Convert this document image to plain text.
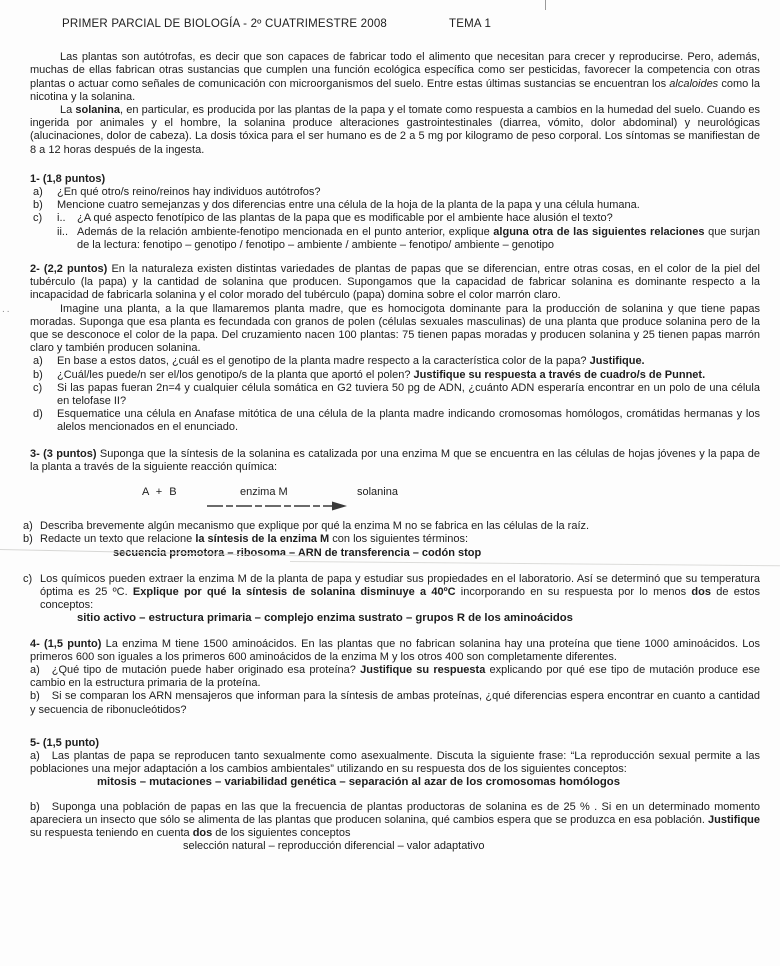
..
PRIMER PARCIAL DE BIOLOGÍA - 2º CUATRIMESTRE 2008	TEMA 1

Las plantas son autótrofas, es decir que son capaces de fabricar todo el alimento que necesitan para crecer y reproducirse. Pero, además, muchas de ellas fabrican otras sustancias que cumplen una función ecológica específica como ser pesticidas, favorecer la competencia con otras plantas o actuar como señales de comunicación con microorganismos del suelo. Entre estas últimas sustancias se encuentran los alcaloides como la nicotina y la solanina.

La solanina, en particular, es producida por las plantas de la papa y el tomate como respuesta a cambios en la humedad del suelo. Cuando es ingerida por animales y el hombre, la solanina produce alteraciones gastrointestinales (diarrea, vómito, dolor abdominal) y neurológicas (alucinaciones, dolor de cabeza). La dosis tóxica para el ser humano es de 2 a 5 mg por kilogramo de peso corporal. Los síntomas se manifiestan de 8 a 12 horas después de la ingesta.

1- (1,8 puntos)
a) ¿En qué otro/s reino/reinos hay individuos autótrofos?
b) Mencione cuatro semejanzas y dos diferencias entre una célula de la hoja de la planta de la papa y una célula humana.
c) i.. ¿A qué aspecto fenotípico de las plantas de la papa que es modificable por el ambiente hace alusión el texto?
ii.. Además de la relación ambiente-fenotipo mencionada en el punto anterior, explique alguna otra de las siguientes relaciones que surjan de la lectura: fenotipo – genotipo / fenotipo – ambiente / ambiente – fenotipo/ ambiente – genotipo

2- (2,2 puntos) En la naturaleza existen distintas variedades de plantas de papas que se diferencian, entre otras cosas, en el color de la piel del tubérculo (la papa) y la cantidad de solanina que producen. Supongamos que la capacidad de fabricar solanina es dominante respecto a la incapacidad de fabricarla solanina y el color morado del tubérculo (papa) domina sobre el color marrón claro.

Imagine una planta, a la que llamaremos planta madre, que es homocigota dominante para la producción de solanina y que tiene papas moradas. Suponga que esa planta es fecundada con granos de polen (células sexuales masculinas) de una planta que produce solanina pero de la que se desconoce el color de la papa. Del cruzamiento nacen 100 plantas: 75 tienen papas moradas y producen solanina y 25 tienen papas marrón claro y también producen solanina.

a) En base a estos datos, ¿cuál es el genotipo de la planta madre respecto a la característica color de la papa? Justifique.
b) ¿Cuál/les puede/n ser el/los genotipo/s de la planta que aportó el polen? Justifique su respuesta a través de cuadro/s de Punnet.
c) Si las papas fueran 2n=4 y cualquier célula somática en G2 tuviera 50 pg de ADN, ¿cuánto ADN esperaría encontrar en un polo de una célula en telofase II?
d) Esquematice una célula en Anafase mitótica de una célula de la planta madre indicando cromosomas homólogos, cromátidas hermanas y los alelos mencionados en el enunciado.

3- (3 puntos) Suponga que la síntesis de la solanina es catalizada por una enzima M que se encuentra en las células de hojas jóvenes y la papa de la planta a través de la siguiente reacción química:

A + B	enzima M	solanina
a) Describa brevemente algún mecanismo que explique por qué la enzima M no se fabrica en las células de la raíz.
b) Redacte un texto que relacione la síntesis de la enzima M con los siguientes términos:
secuencia promotora – ribosoma – ARN de transferencia – codón stop
c) Los químicos pueden extraer la enzima M de la planta de papa y estudiar sus propiedades en el laboratorio. Así se determinó que su temperatura óptima es 25 ºC. Explique por qué la síntesis de solanina disminuye a 40ºC incorporando en su respuesta por lo menos dos de estos conceptos:
sitio activo – estructura primaria – complejo enzima sustrato – grupos R de los aminoácidos

4- (1,5 punto) La enzima M tiene 1500 aminoácidos. En las plantas que no fabrican solanina hay una proteína que tiene 1000 aminoácidos. Los primeros 600 son iguales a los primeros 600 aminoácidos de la enzima M y los otros 400 son completamente diferentes.

a) ¿Qué tipo de mutación puede haber originado esa proteína? Justifique su respuesta explicando por qué ese tipo de mutación produce ese cambio en la estructura primaria de la proteína.

b) Si se comparan los ARN mensajeros que informan para la síntesis de ambas proteínas, ¿qué diferencias espera encontrar en cuanto a cantidad y secuencia de ribonucleótidos?

5- (1,5 punto)

a) Las plantas de papa se reproducen tanto sexualmente como asexualmente. Discuta la siguiente frase: “La reproducción sexual permite a las poblaciones una mejor adaptación a los cambios ambientales” utilizando en su respuesta dos de los siguientes conceptos:

mitosis – mutaciones – variabilidad genética – separación al azar de los cromosomas homólogos

b) Suponga una población de papas en las que la frecuencia de plantas productoras de solanina es de 25 % . Si en un determinado momento apareciera un insecto que sólo se alimenta de las plantas que producen solanina, qué cambios espera que se produzca en esa población. Justifique su respuesta teniendo en cuenta dos de los siguientes conceptos

selección natural – reproducción diferencial – valor adaptativo
